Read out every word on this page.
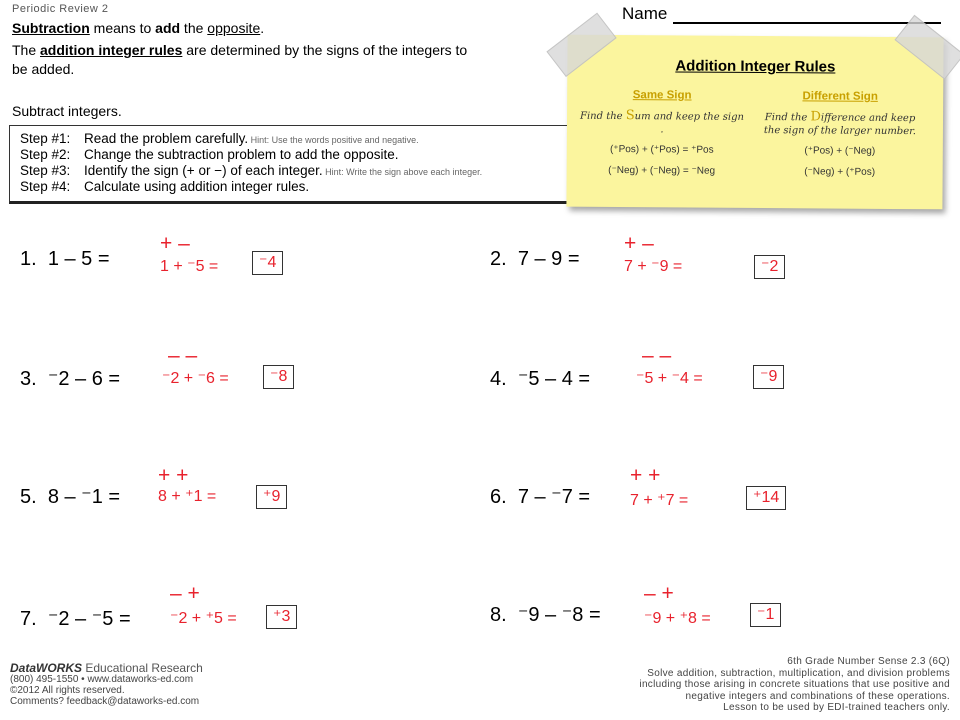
Periodic Review 2	Name
Subtraction means to add the opposite.
The addition integer rules are determined by the signs of the integers to be added.
Subtract integers.
Step #1: Read the problem carefully. Hint: Use the words positive and negative.
Step #2: Change the subtraction problem to add the opposite.
Step #3: Identify the sign (+ or −) of each integer. Hint: Write the sign above each integer.
Step #4: Calculate using addition integer rules.
Addition Integer Rules
Same Sign
Find the Sum and keep the sign .
(⁺Pos) + (⁺Pos) = ⁺Pos
(⁻Neg) + (⁻Neg) = ⁻Neg
Different Sign
Find the Difference and keep the sign of the larger number.
(⁺Pos) + (⁻Neg)
(⁻Neg) + (⁺Pos)
1. 1 – 5 =
+ –
1 + ⁻5 =	⁻4	2. 7 – 9 =
+ –
7 + ⁻9 =	⁻2
3. ⁻2 – 6 =
– –
⁻2 + ⁻6 =	⁻8	4. ⁻5 – 4 =
– –
⁻5 + ⁻4 =	⁻9
5. 8 – ⁻1 =
+ +
8 + ⁺1 =	⁺9	6. 7 – ⁻7 =
+ +
7 + ⁺7 =	⁺14
7. ⁻2 – ⁻5 =
– +
⁻2 + ⁺5 =	⁺3	8. ⁻9 – ⁻8 =
– +
⁻9 + ⁺8 =	⁻1
DataWORKS Educational Research
(800) 495-1550 • www.dataworks-ed.com
©2012 All rights reserved.
Comments? feedback@dataworks-ed.com
6th Grade Number Sense 2.3 (6Q)
Solve addition, subtraction, multiplication, and division problems
including those arising in concrete situations that use positive and
negative integers and combinations of these operations.
Lesson to be used by EDI-trained teachers only.
